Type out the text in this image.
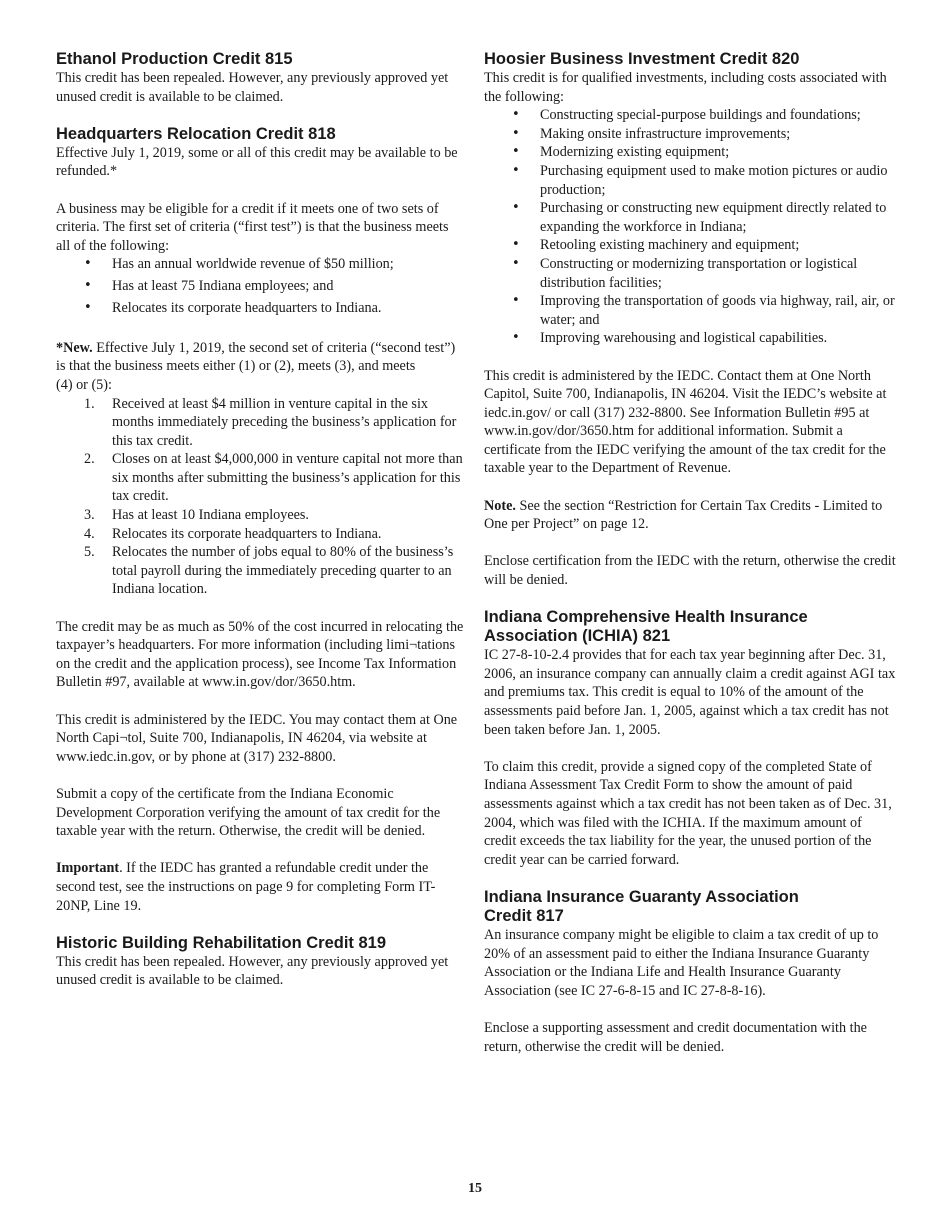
Ethanol Production Credit 815

This credit has been repealed. However, any previously approved yet unused credit is available to be claimed.

Headquarters Relocation Credit 818

Effective July 1, 2019, some or all of this credit may be available to be refunded.*

A business may be eligible for a credit if it meets one of two sets of criteria. The first set of criteria (“first test”) is that the business meets all of the following:

• Has an annual worldwide revenue of $50 million;
• Has at least 75 Indiana employees; and
• Relocates its corporate headquarters to Indiana.

*New. Effective July 1, 2019, the second set of criteria (“second test”) is that the business meets either (1) or (2), meets (3), and meets

(4) or (5):

1. Received at least $4 million in venture capital in the six months immediately preceding the business’s application for this tax credit.
2. Closes on at least $4,000,000 in venture capital not more than six months after submitting the business’s application for this tax credit.
3. Has at least 10 Indiana employees.
4. Relocates its corporate headquarters to Indiana.
5. Relocates the number of jobs equal to 80% of the business’s total payroll during the immediately preceding quarter to an Indiana location.

The credit may be as much as 50% of the cost incurred in relocating the taxpayer’s headquarters. For more information (including limi¬tations on the credit and the application process), see Income Tax Information Bulletin #97, available at www.in.gov/dor/3650.htm.

This credit is administered by the IEDC. You may contact them at One North Capi¬tol, Suite 700, Indianapolis, IN 46204, via website at www.iedc.in.gov, or by phone at (317) 232-8800.

Submit a copy of the certificate from the Indiana Economic Development Corporation verifying the amount of tax credit for the taxable year with the return. Otherwise, the credit will be denied.

Important. If the IEDC has granted a refundable credit under the second test, see the instructions on page 9 for completing Form IT-20NP, Line 19.

Historic Building Rehabilitation Credit 819

This credit has been repealed. However, any previously approved yet unused credit is available to be claimed.

Hoosier Business Investment Credit 820

This credit is for qualified investments, including costs associated with the following:

• Constructing special-purpose buildings and foundations;
• Making onsite infrastructure improvements;
• Modernizing existing equipment;
• Purchasing equipment used to make motion pictures or audio production;
• Purchasing or constructing new equipment directly related to expanding the workforce in Indiana;
• Retooling existing machinery and equipment;
• Constructing or modernizing transportation or logistical distribution facilities;
• Improving the transportation of goods via highway, rail, air, or water; and
• Improving warehousing and logistical capabilities.

This credit is administered by the IEDC. Contact them at One North Capitol, Suite 700, Indianapolis, IN 46204. Visit the IEDC’s website at iedc.in.gov/ or call (317) 232-8800. See Information Bulletin #95 at www.in.gov/dor/3650.htm for additional information. Submit a certificate from the IEDC verifying the amount of the tax credit for the taxable year to the Department of Revenue.

Note. See the section “Restriction for Certain Tax Credits - Limited to One per Project” on page 12.

Enclose certification from the IEDC with the return, otherwise the credit will be denied.

Indiana Comprehensive Health Insurance
Association (ICHIA) 821

IC 27-8-10-2.4 provides that for each tax year beginning after Dec. 31, 2006, an insurance company can annually claim a credit against AGI tax and premiums tax. This credit is equal to 10% of the amount of the assessments paid before Jan. 1, 2005, against which a tax credit has not been taken before Jan. 1, 2005.

To claim this credit, provide a signed copy of the completed State of Indiana Assessment Tax Credit Form to show the amount of paid assessments against which a tax credit has not been taken as of Dec. 31, 2004, which was filed with the ICHIA. If the maximum amount of credit exceeds the tax liability for the year, the unused portion of the credit year can be carried forward.

Indiana Insurance Guaranty Association
Credit 817

An insurance company might be eligible to claim a tax credit of up to 20% of an assessment paid to either the Indiana Insurance Guaranty Association or the Indiana Life and Health Insurance Guaranty Association (see IC 27-6-8-15 and IC 27-8-8-16).

Enclose a supporting assessment and credit documentation with the return, otherwise the credit will be denied.

15
